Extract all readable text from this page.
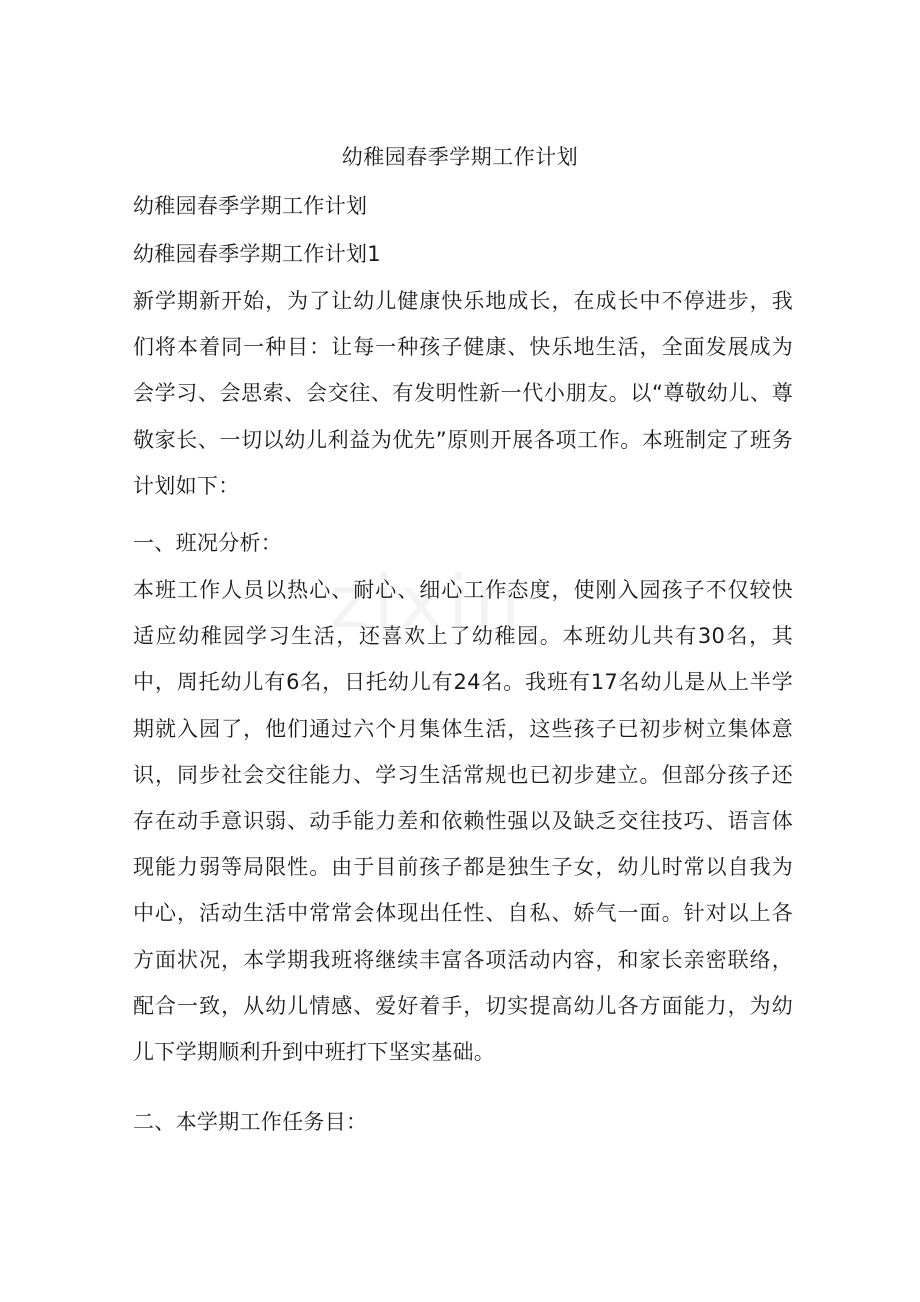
zixin
幼稚园春季学期工作计划
幼稚园春季学期工作计划
幼稚园春季学期工作计划1

新学期新开始，为了让幼儿健康快乐地成长，在成长中不停进步，我们将本着同一种目：让每一种孩子健康、快乐地生活，全面发展成为会学习、会思索、会交往、有发明性新一代小朋友。以“尊敬幼儿、尊敬家长、一切以幼儿利益为优先”原则开展各项工作。本班制定了班务计划如下：

一、班况分析：

本班工作人员以热心、耐心、细心工作态度，使刚入园孩子不仅较快适应幼稚园学习生活，还喜欢上了幼稚园。本班幼儿共有30名，其中，周托幼儿有6名，日托幼儿有24名。我班有17名幼儿是从上半学期就入园了，他们通过六个月集体生活，这些孩子已初步树立集体意识，同步社会交往能力、学习生活常规也已初步建立。但部分孩子还存在动手意识弱、动手能力差和依赖性强以及缺乏交往技巧、语言体现能力弱等局限性。由于目前孩子都是独生子女，幼儿时常以自我为中心，活动生活中常常会体现出任性、自私、娇气一面。针对以上各方面状况，本学期我班将继续丰富各项活动内容，和家长亲密联络，配合一致，从幼儿情感、爱好着手，切实提高幼儿各方面能力，为幼儿下学期顺利升到中班打下坚实基础。

二、本学期工作任务目：
